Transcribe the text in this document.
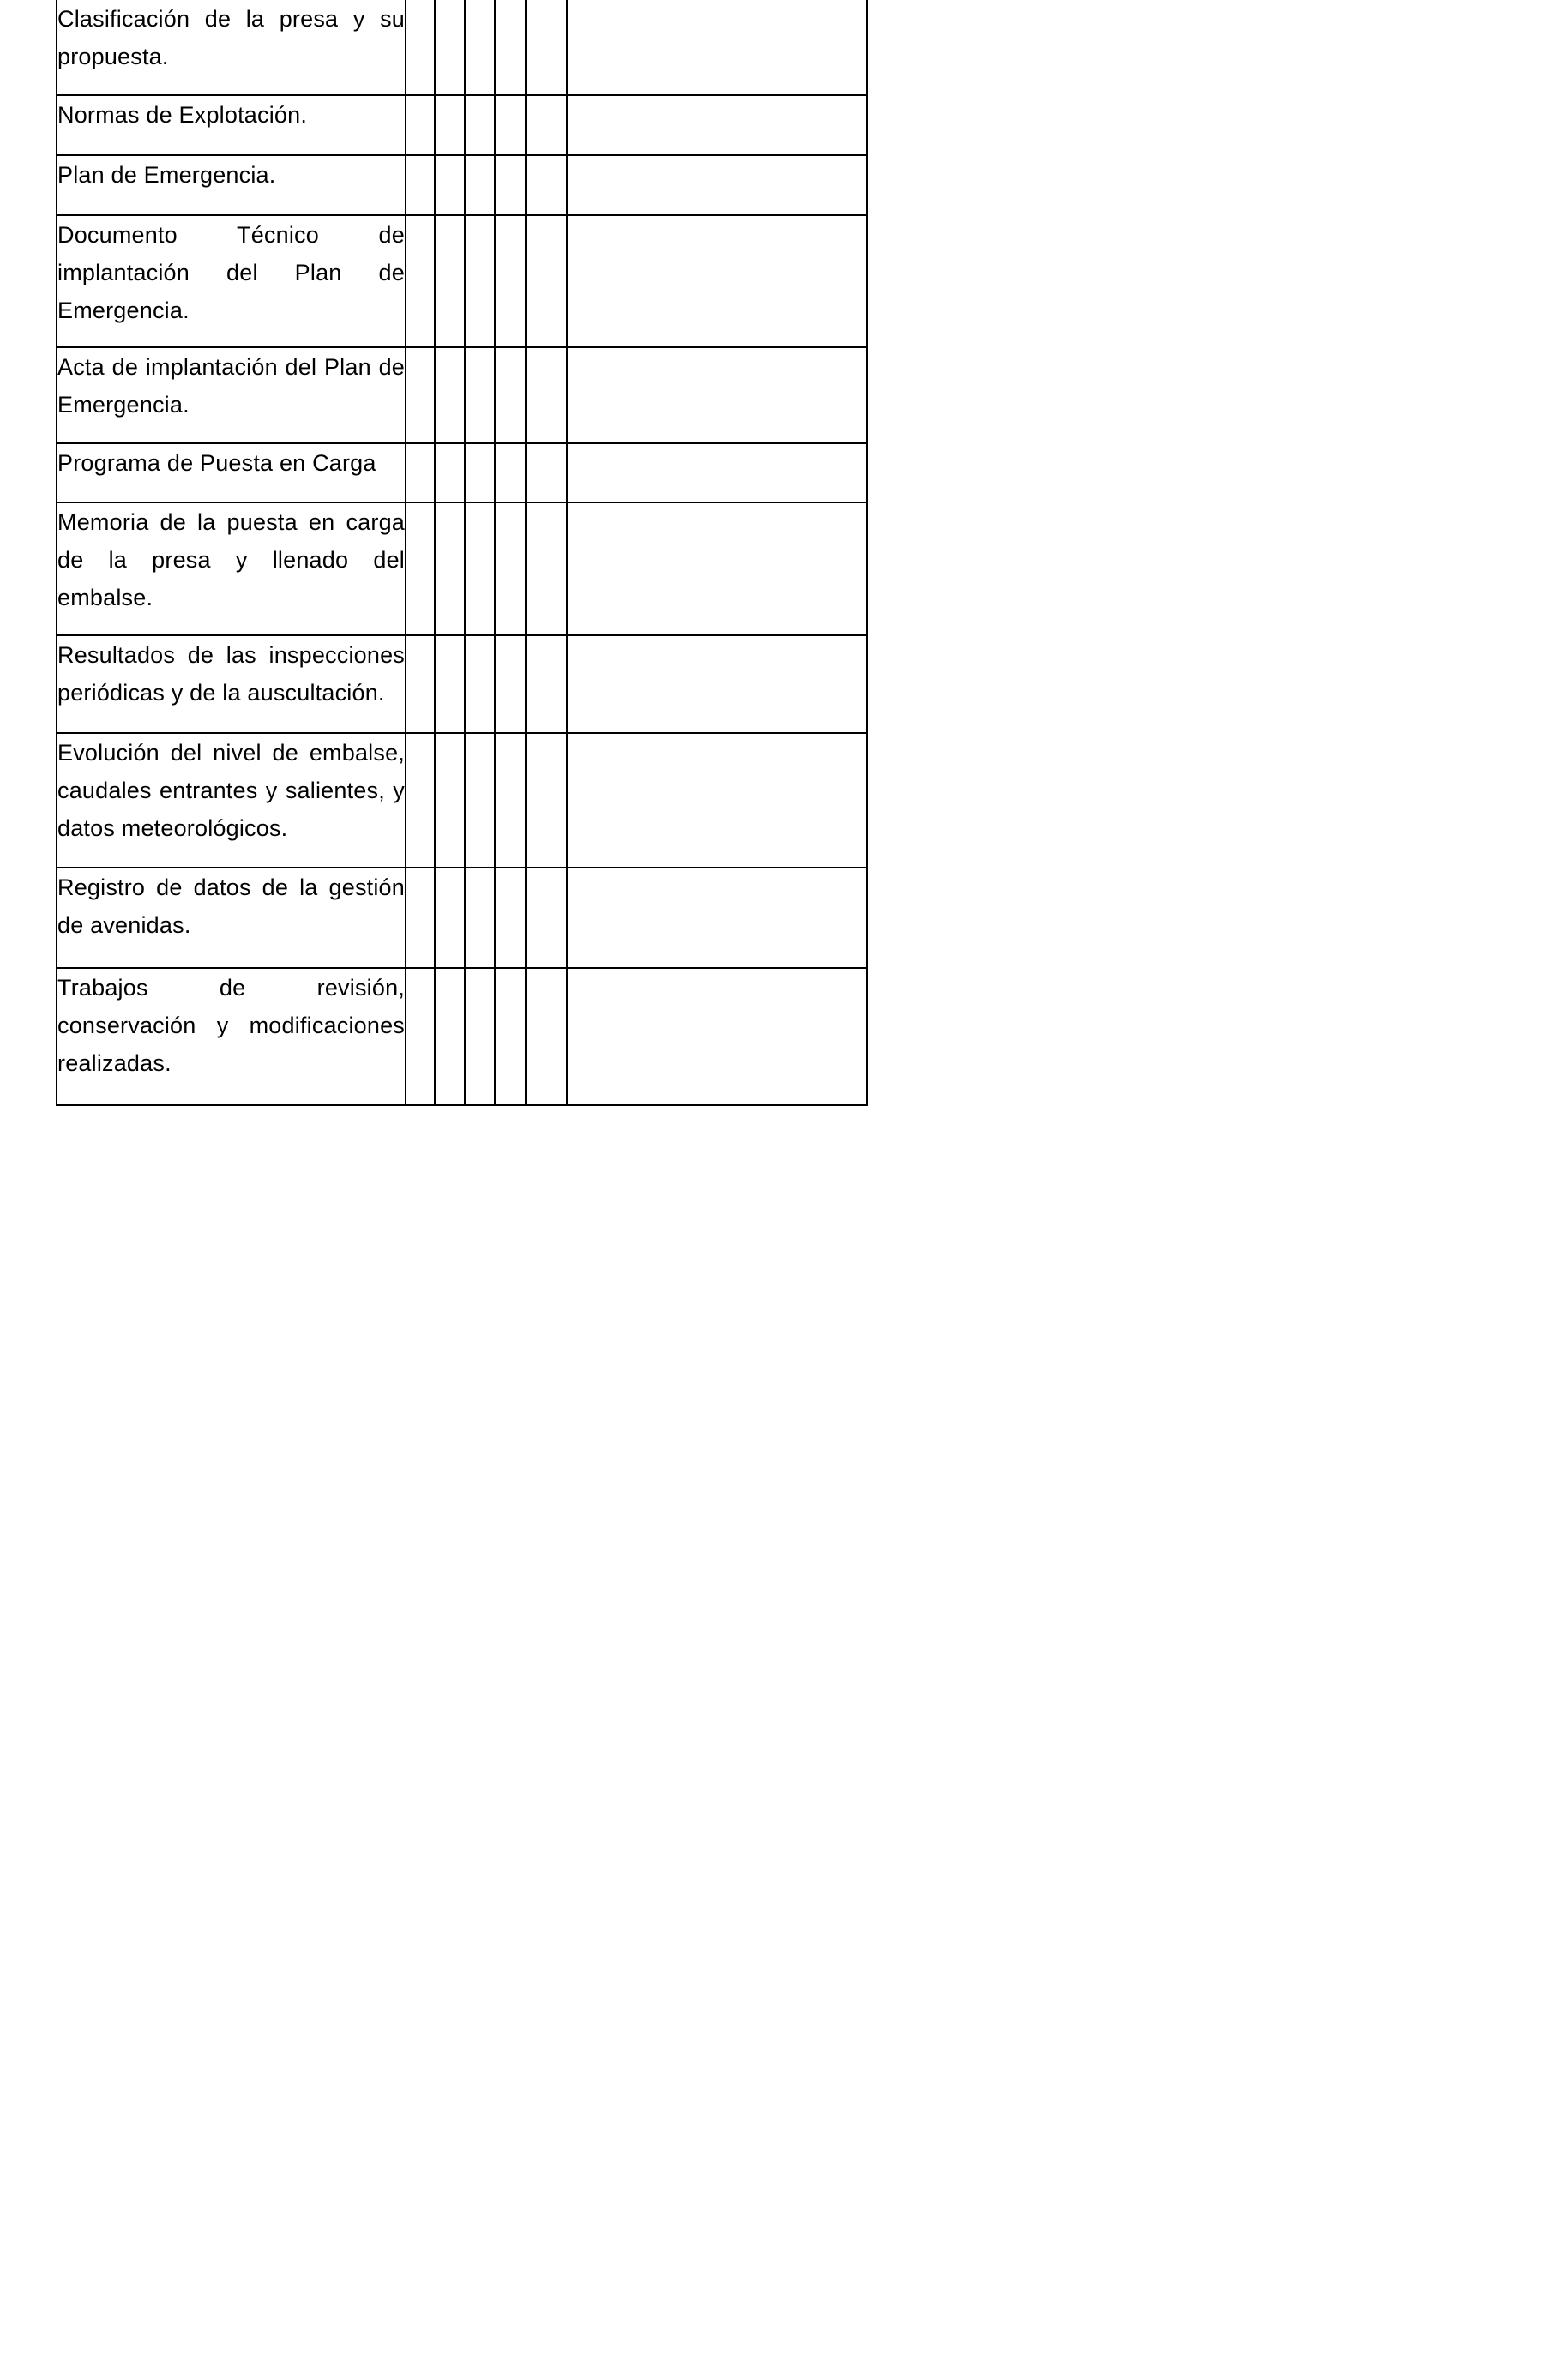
Clasificación de la presa y su propuesta.						
Normas de Explotación.						
Plan de Emergencia.						
Documento Técnico de implantación del Plan de Emergencia.						
Acta de implantación del Plan de Emergencia.						
Programa de Puesta en Carga						
Memoria de la puesta en carga de la presa y llenado del embalse.						
Resultados de las inspecciones periódicas y de la auscultación.						
Evolución del nivel de embalse, caudales entrantes y salientes, y datos meteorológicos.						
Registro de datos de la gestión de avenidas.						
Trabajos de revisión, conservación y modificaciones realizadas.						
